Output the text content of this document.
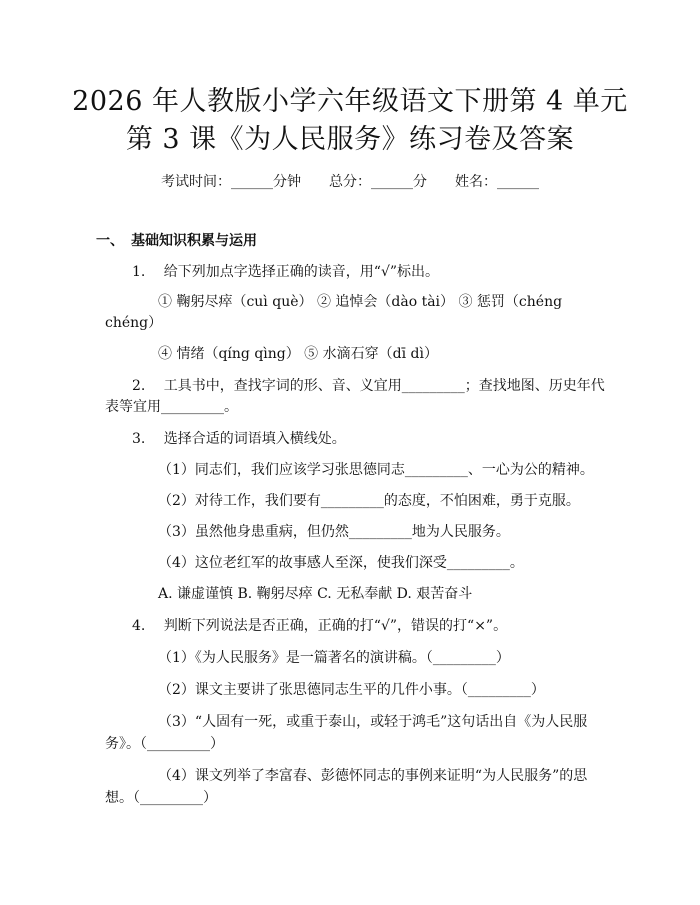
2026 年人教版小学六年级语文下册第 4 单元
第 3 课《为人民服务》练习卷及答案
考试时间：______分钟　　总分：______分　　姓名：______
一、　基础知识积累与运用
1.　 给下列加点字选择正确的读音，用“√”标出。
① 鞠躬尽瘁（cuì què） ② 追悼会（dào tài） ③ 惩罚（chéng
chéng）
④ 情绪（qíng qìng） ⑤ 水滴石穿（dī dì）
2.　 工具书中，查找字词的形、音、义宜用_________；查找地图、历史年代
表等宜用_________。
3.　 选择合适的词语填入横线处。
（1）同志们，我们应该学习张思德同志_________、一心为公的精神。
（2）对待工作，我们要有_________的态度，不怕困难，勇于克服。
（3）虽然他身患重病，但仍然_________地为人民服务。
（4）这位老红军的故事感人至深，使我们深受_________。
A. 谦虚谨慎 B. 鞠躬尽瘁 C. 无私奉献 D. 艰苦奋斗
4.　 判断下列说法是否正确，正确的打“√”，错误的打“×”。
（1）《为人民服务》是一篇著名的演讲稿。（_________）
（2）课文主要讲了张思德同志生平的几件小事。（_________）
（3）“人固有一死，或重于泰山，或轻于鸿毛”这句话出自《为人民服
务》。（_________）
（4）课文列举了李富春、彭德怀同志的事例来证明“为人民服务”的思
想。（_________）
